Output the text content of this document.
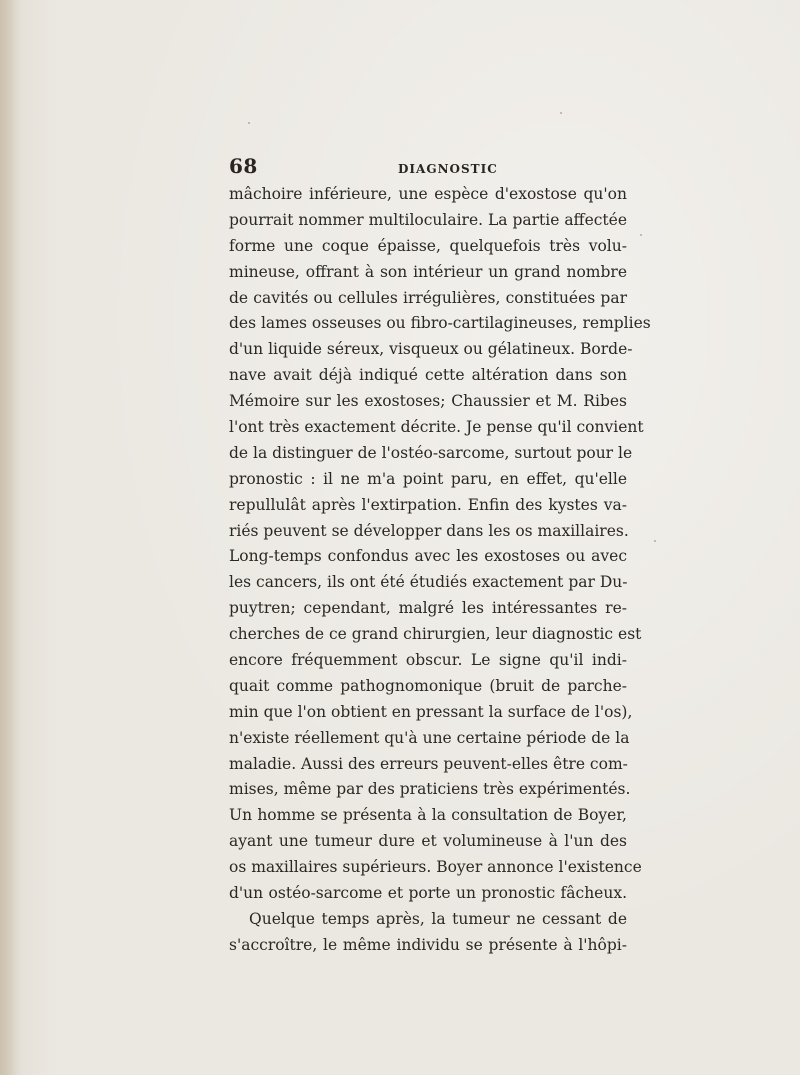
68	DIAGNOSTIC
mâchoire inférieure, une espèce d'exostose qu'on
pourrait nommer multiloculaire. La partie affectée
forme une coque épaisse, quelquefois très volu-
mineuse, offrant à son intérieur un grand nombre
de cavités ou cellules irrégulières, constituées par
des lames osseuses ou fibro-cartilagineuses, remplies
d'un liquide séreux, visqueux ou gélatineux. Borde-
nave avait déjà indiqué cette altération dans son
Mémoire sur les exostoses; Chaussier et M. Ribes
l'ont très exactement décrite. Je pense qu'il convient
de la distinguer de l'ostéo-sarcome, surtout pour le
pronostic : il ne m'a point paru, en effet, qu'elle
repullulât après l'extirpation. Enfin des kystes va-
riés peuvent se développer dans les os maxillaires.
Long-temps confondus avec les exostoses ou avec
les cancers, ils ont été étudiés exactement par Du-
puytren; cependant, malgré les intéressantes re-
cherches de ce grand chirurgien, leur diagnostic est
encore fréquemment obscur. Le signe qu'il indi-
quait comme pathognomonique (bruit de parche-
min que l'on obtient en pressant la surface de l'os),
n'existe réellement qu'à une certaine période de la
maladie. Aussi des erreurs peuvent-elles être com-
mises, même par des praticiens très expérimentés.
Un homme se présenta à la consultation de Boyer,
ayant une tumeur dure et volumineuse à l'un des
os maxillaires supérieurs. Boyer annonce l'existence
d'un ostéo-sarcome et porte un pronostic fâcheux.
Quelque temps après, la tumeur ne cessant de
s'accroître, le même individu se présente à l'hôpi-
